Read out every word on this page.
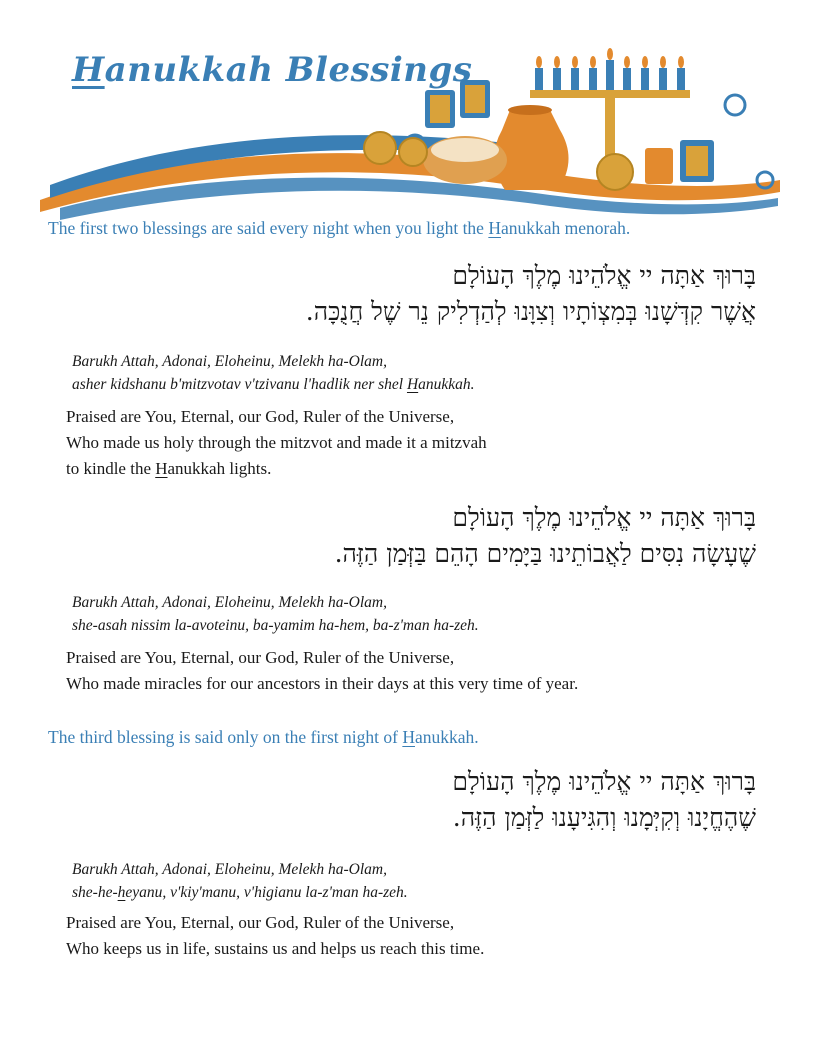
Hanukkah Blessings

The first two blessings are said every night when you light the Hanukkah menorah.

בָּרוּךְ אַתָּה יי אֱלֹהֵינוּ מֶלֶךְ הָעוֹלָם
אֲשֶׁר קִדְּשָׁנוּ בְּמִצְוֹתָיו וְצִוָּנוּ לְהַדְלִיק נֵר שֶׁל חֲנֻכָּה.
Barukh Attah, Adonai, Eloheinu, Melekh ha-Olam,
asher kidshanu b'mitzvotav v'tzivanu l'hadlik ner shel Hanukkah.
Praised are You, Eternal, our God, Ruler of the Universe,
Who made us holy through the mitzvot and made it a mitzvah
to kindle the Hanukkah lights.
בָּרוּךְ אַתָּה יי אֱלֹהֵינוּ מֶלֶךְ הָעוֹלָם
שֶׁעָשָׂה נִסִּים לַאֲבוֹתֵינוּ בַּיָּמִים הָהֵם בַּזְּמַן הַזֶּה.
Barukh Attah, Adonai, Eloheinu, Melekh ha-Olam,
she-asah nissim la-avoteinu, ba-yamim ha-hem, ba-z'man ha-zeh.
Praised are You, Eternal, our God, Ruler of the Universe,
Who made miracles for our ancestors in their days at this very time of year.

The third blessing is said only on the first night of Hanukkah.

בָּרוּךְ אַתָּה יי אֱלֹהֵינוּ מֶלֶךְ הָעוֹלָם
שֶׁהֶחֱיָנוּ וְקִיְּמָנוּ וְהִגִּיעָנוּ לַזְּמַן הַזֶּה.
Barukh Attah, Adonai, Eloheinu, Melekh ha-Olam,
she-he-heyanu, v'kiy'manu, v'higianu la-z'man ha-zeh.
Praised are You, Eternal, our God, Ruler of the Universe,
Who keeps us in life, sustains us and helps us reach this time.
